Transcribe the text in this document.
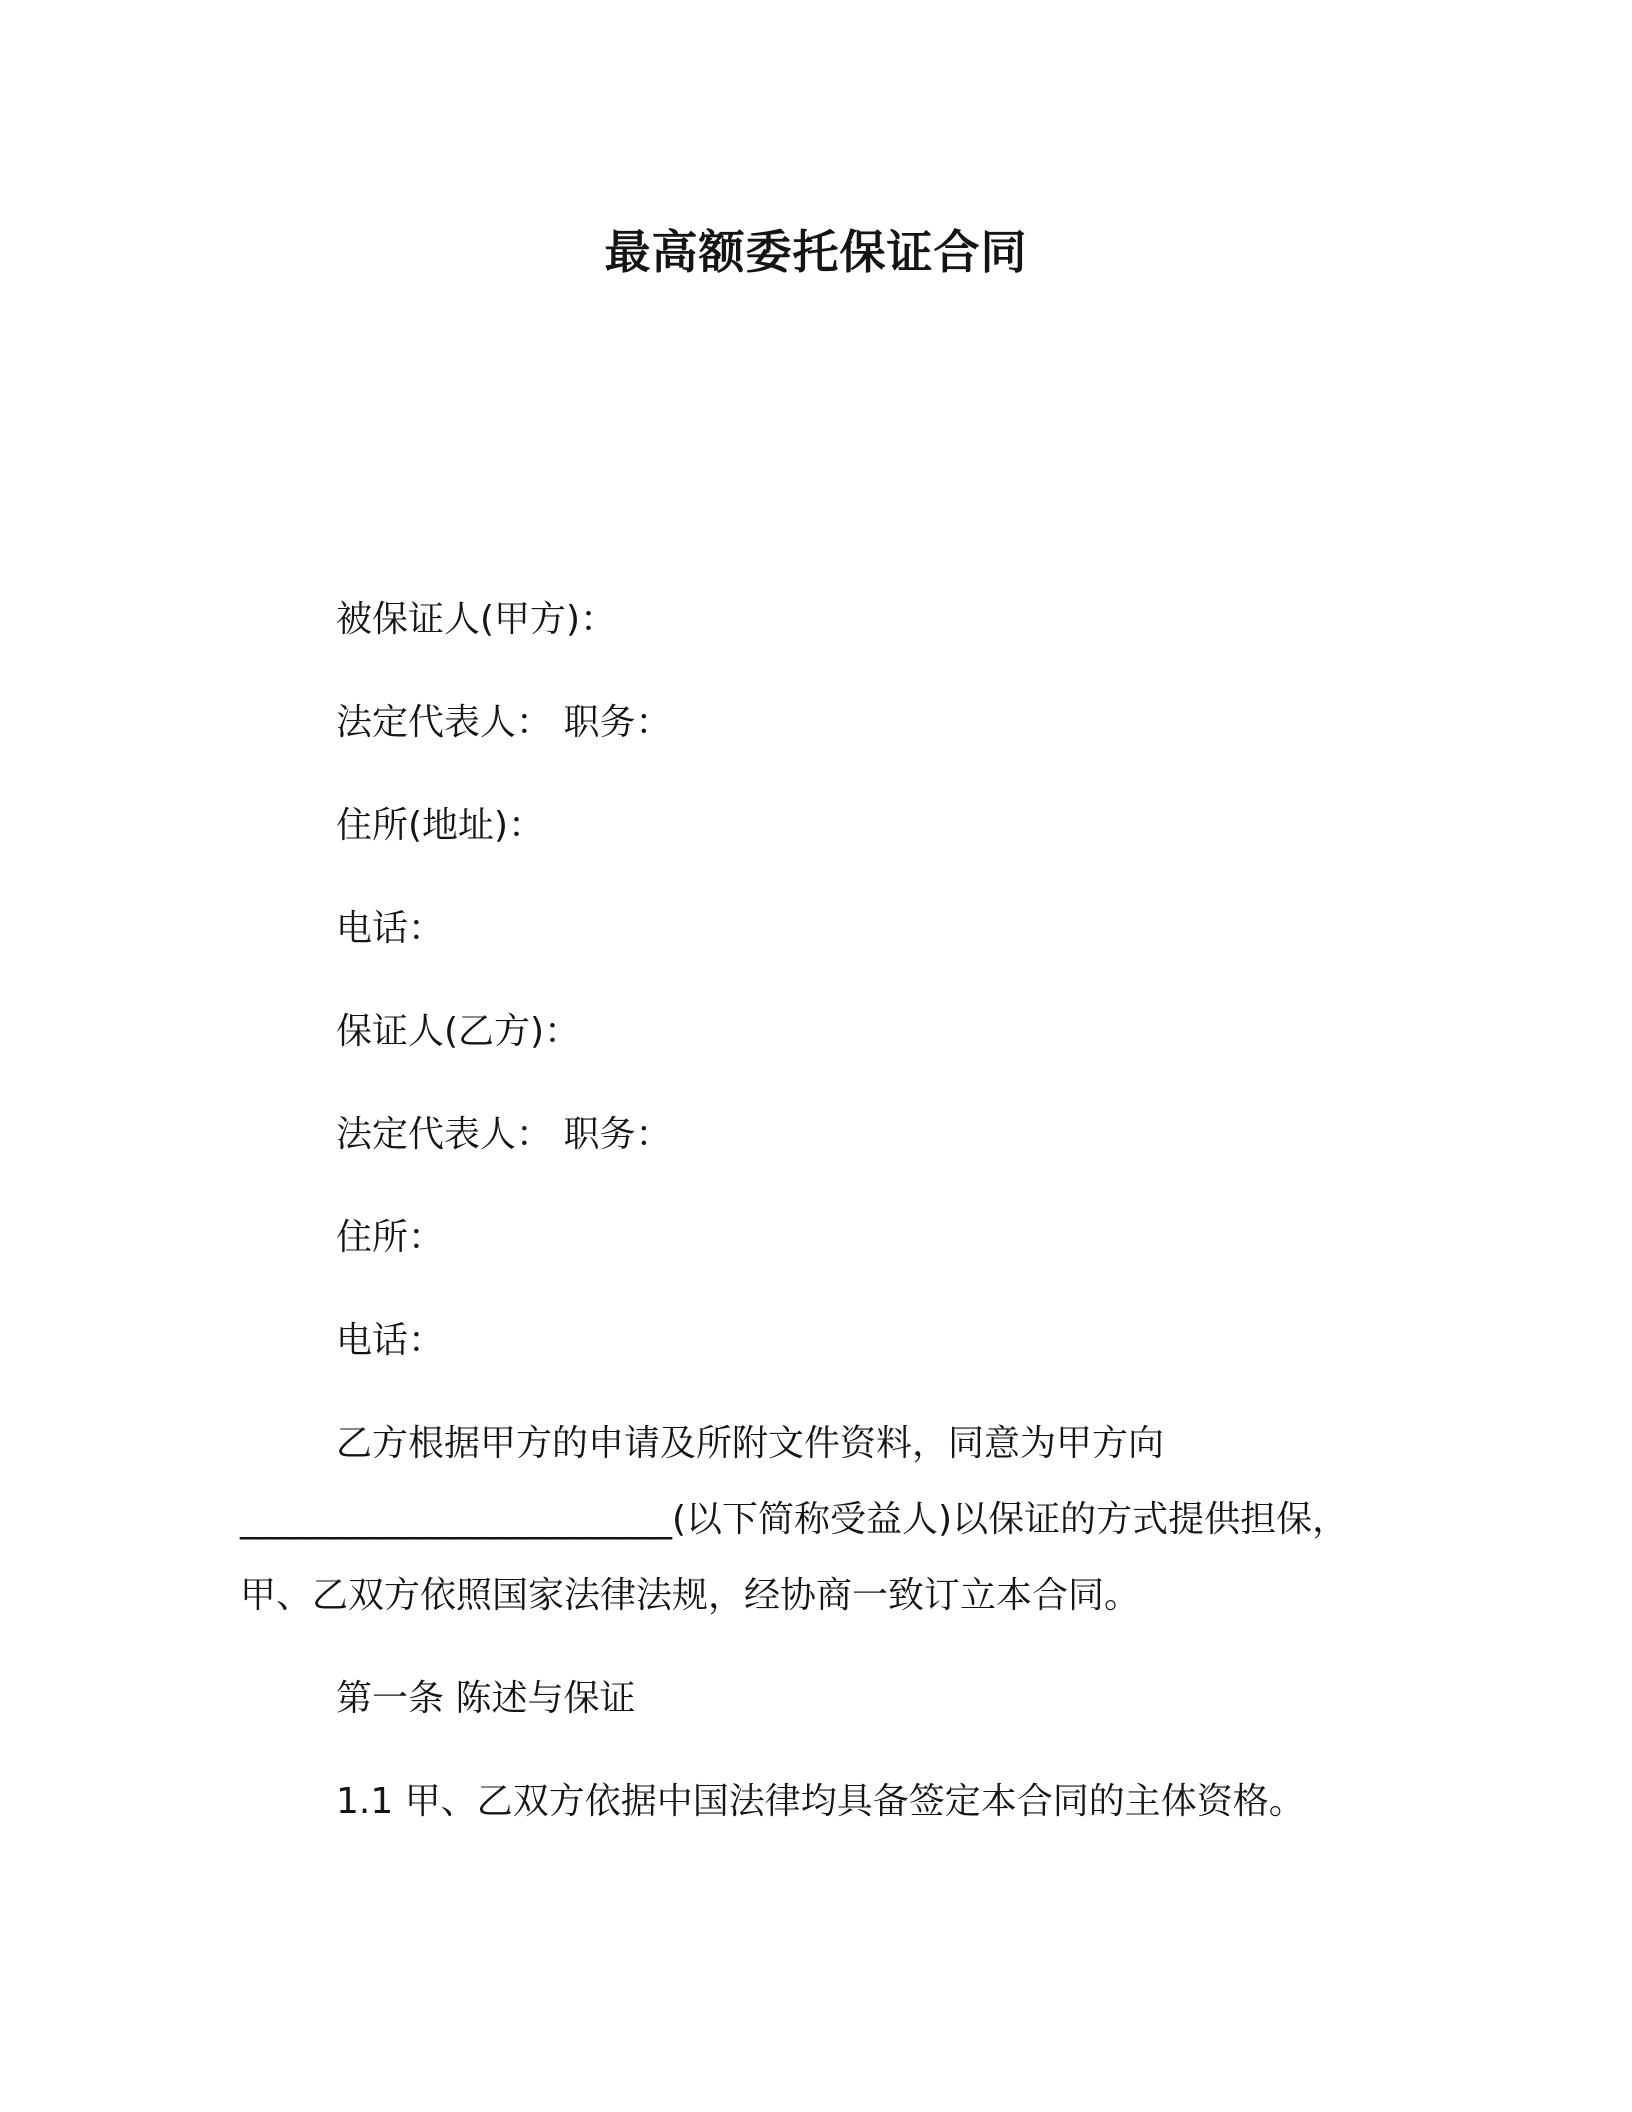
最高额委托保证合同

被保证人(甲方)：

法定代表人： 职务：

住所(地址)：

电话：

保证人(乙方)：

法定代表人： 职务：

住所：

电话：

乙方根据甲方的申请及所附文件资料，同意为甲方向

________________________(以下简称受益人)以保证的方式提供担保，

甲、乙双方依照国家法律法规，经协商一致订立本合同。

第一条 陈述与保证

1.1 甲、乙双方依据中国法律均具备签定本合同的主体资格。
